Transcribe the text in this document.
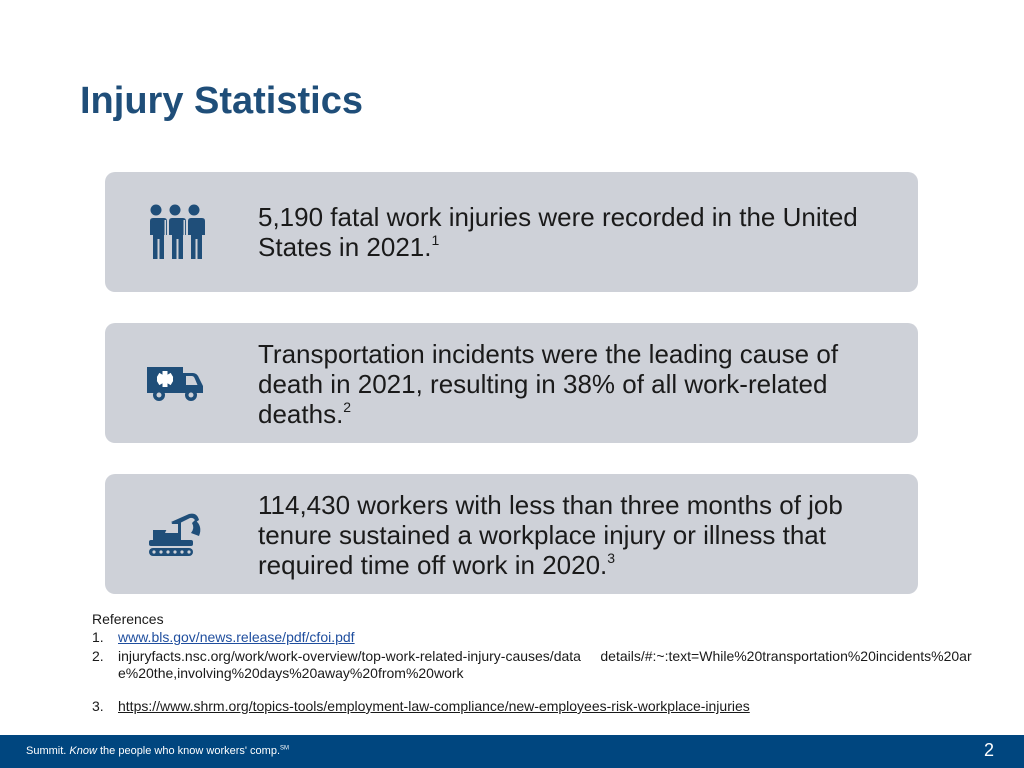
Injury Statistics
5,190 fatal work injuries were recorded in the United States in 2021.$^1$
Transportation incidents were the leading cause of death in 2021, resulting in 38% of all work-related deaths.$^2$
114,430 workers with less than three months of job tenure sustained a workplace injury or illness that required time off work in 2020.$^3$
References
1. www.bls.gov/news.release/pdf/cfoi.pdf
2. injuryfacts.nsc.org/work/work-overview/top-work-related-injury-causes/data     details/#:~:text=While%20transportation%20incidents%20are%20the,involving%20days%20away%20from%20work
3. https://www.shrm.org/topics-tools/employment-law-compliance/new-employees-risk-workplace-injuries
Summit. Know the people who know workers' comp.℠	2
